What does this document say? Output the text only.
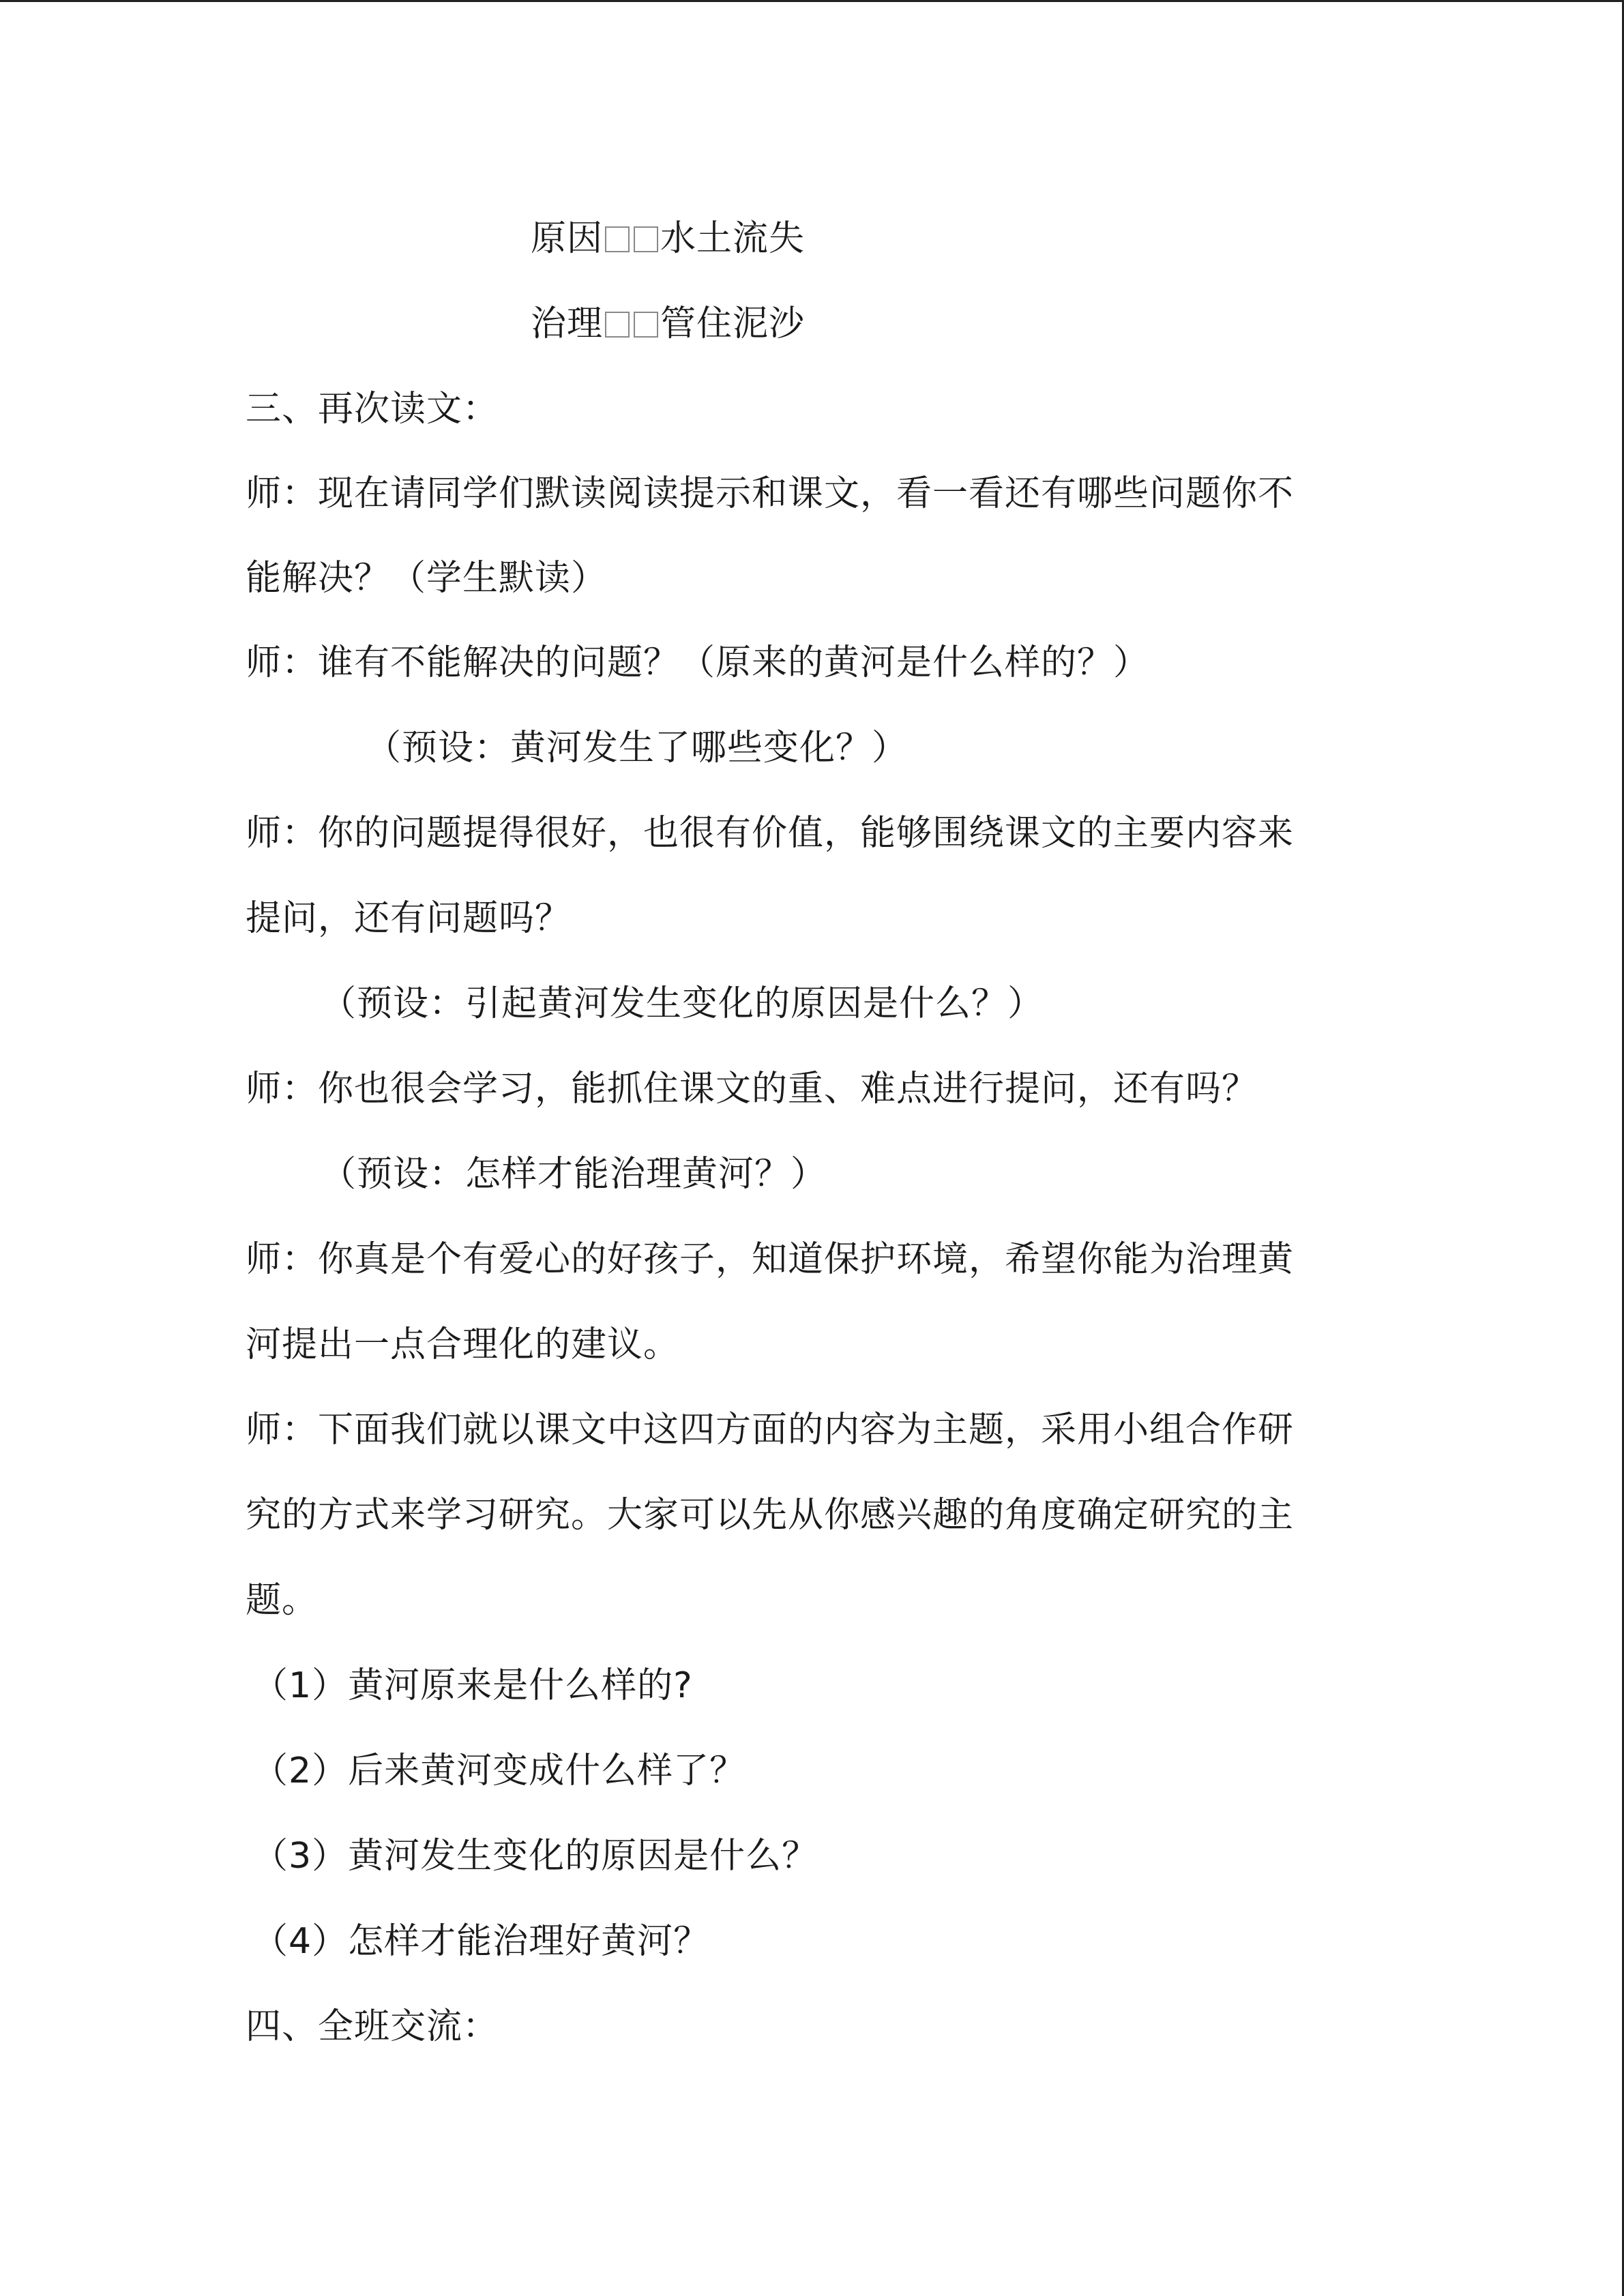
原因 水土流失
治理 管住泥沙
三、再次读文：
师：现在请同学们默读阅读提示和课文，看一看还有哪些问题你不
能解决？（学生默读）
师：谁有不能解决的问题？（原来的黄河是什么样的？）
（预设：黄河发生了哪些变化？）
师：你的问题提得很好，也很有价值，能够围绕课文的主要内容来
提问，还有问题吗？
（预设：引起黄河发生变化的原因是什么？）
师：你也很会学习，能抓住课文的重、难点进行提问，还有吗？
（预设：怎样才能治理黄河？）
师：你真是个有爱心的好孩子，知道保护环境，希望你能为治理黄
河提出一点合理化的建议。
师：下面我们就以课文中这四方面的内容为主题，采用小组合作研
究的方式来学习研究。大家可以先从你感兴趣的角度确定研究的主
题。
（1）黄河原来是什么样的?
（2）后来黄河变成什么样了？
（3）黄河发生变化的原因是什么？
（4）怎样才能治理好黄河？
四、全班交流：
